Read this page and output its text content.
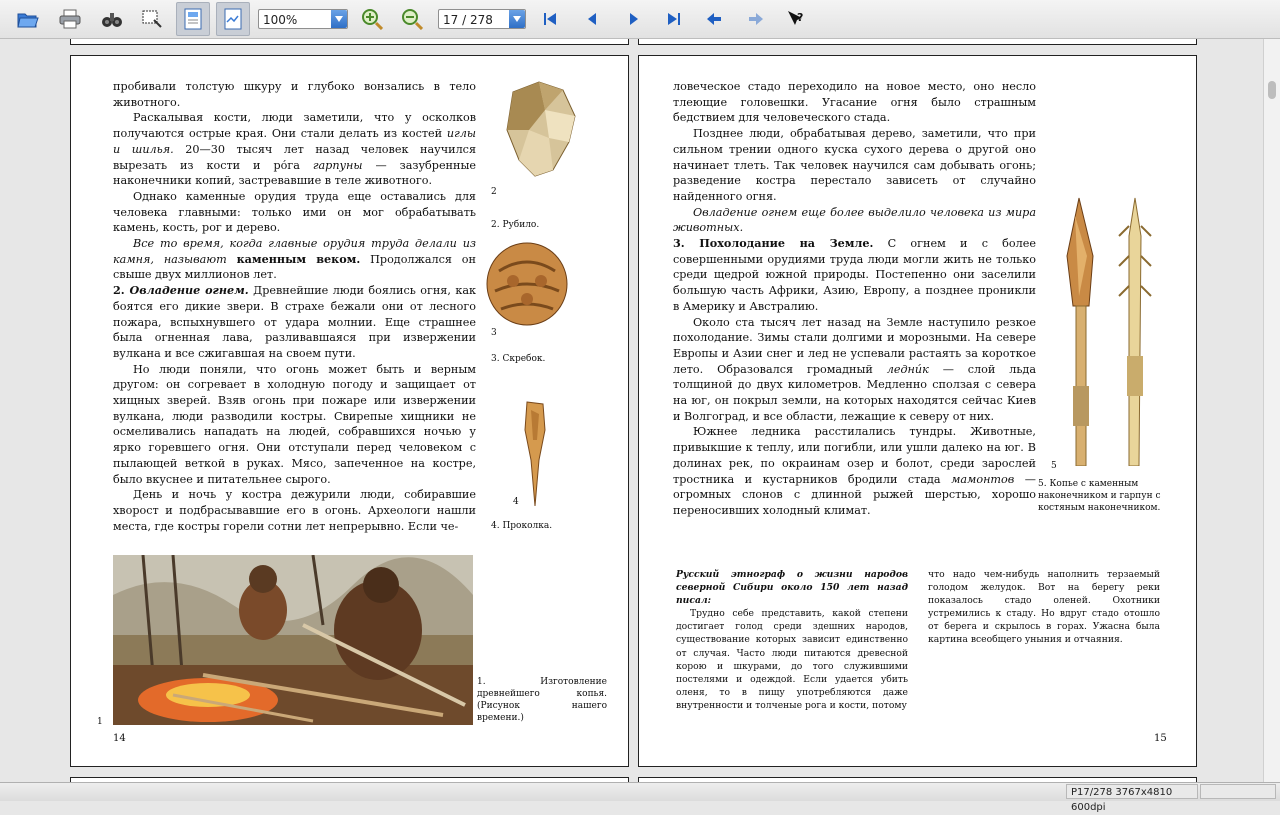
100%	17 / 278	?

пробивали толстую шкуру и глубоко вонзались в тело животного.

Раскалывая кости, люди заметили, что у осколков получаются острые края. Они стали делать из костей иглы и шилья. 20—30 тысяч лет назад человек научился вырезать из кости и ро́га гарпуны — зазубренные наконечники копий, застревавшие в теле животного.

Однако каменные орудия труда еще оставались для человека главными: только ими он мог обрабатывать камень, кость, рог и дерево.

Все то время, когда главные орудия труда делали из камня, называют каменным веком. Продолжался он свыше двух миллионов лет.

2. Овладение огнем. Древнейшие люди боялись огня, как боятся его дикие звери. В страхе бежали они от лесного пожара, вспыхнувшего от удара молнии. Еще страшнее была огненная лава, разливавшаяся при извержении вулкана и все сжигавшая на своем пути.

Но люди поняли, что огонь может быть и верным другом: он согревает в холодную погоду и защищает от хищных зверей. Взяв огонь при пожаре или извержении вулкана, люди разводили костры. Свирепые хищники не осмеливались нападать на людей, собравшихся ночью у ярко горевшего огня. Они отступали перед человеком с пылающей веткой в руках. Мясо, запеченное на костре, было вкуснее и питательнее сырого.

День и ночь у костра дежурили люди, собиравшие хворост и подбрасывавшие его в огонь. Археологи нашли места, где костры горели сотни лет непрерывно. Если че-

2
2. Рубило.
3
3. Скребок.
4
4. Проколка.
1
1. Изготовление древнейшего копья. (Рисунок нашего времени.)
14

ловеческое стадо переходило на новое место, оно несло тлеющие головешки. Угасание огня было страшным бедствием для человеческого стада.

Позднее люди, обрабатывая дерево, заметили, что при сильном трении одного куска сухого дерева о другой оно начинает тлеть. Так человек научился сам добывать огонь; разведение костра перестало зависеть от случайно найденного огня.

Овладение огнем еще более выделило человека из мира животных.

3. Похолодание на Земле. С огнем и с более совершенными орудиями труда люди могли жить не только среди щедрой южной природы. Постепенно они заселили большую часть Африки, Азию, Европу, а позднее проникли в Америку и Австралию.

Около ста тысяч лет назад на Земле наступило резкое похолодание. Зимы стали долгими и морозными. На севере Европы и Азии снег и лед не успевали растаять за короткое лето. Образовался громадный ледни́к — слой льда толщиной до двух километров. Медленно сползая с севера на юг, он покрыл земли, на которых находятся сейчас Киев и Волгоград, и все области, лежащие к северу от них.

Южнее ледника расстилались тундры. Животные, привыкшие к теплу, или погибли, или ушли далеко на юг. В долинах рек, по окраинам озер и болот, среди зарослей тростника и кустарников бродили стада мамонтов — огромных слонов с длинной рыжей шерстью, хорошо переносивших холодный климат.

5
5. Копье с каменным наконечником и гарпун с костяным наконечником.

Русский этнограф о жизни народов северной Сибири около 150 лет назад писал:

Трудно себе представить, какой степени достигает голод среди здешних народов, существование которых зависит единственно от случая. Часто люди питаются древесной корою и шкурами, до того служившими постелями и одеждой. Если удается убить оленя, то в пищу употребляются даже внутренности и толченые рога и кости, потому

что надо чем-нибудь наполнить терзаемый голодом желудок. Вот на берегу реки показалось стадо оленей. Охотники устремились к стаду. Но вдруг стадо отошло от берега и скрылось в горах. Ужасна была картина всеобщего уныния и отчаяния.

15
P17/278 3767x4810 600dpi
